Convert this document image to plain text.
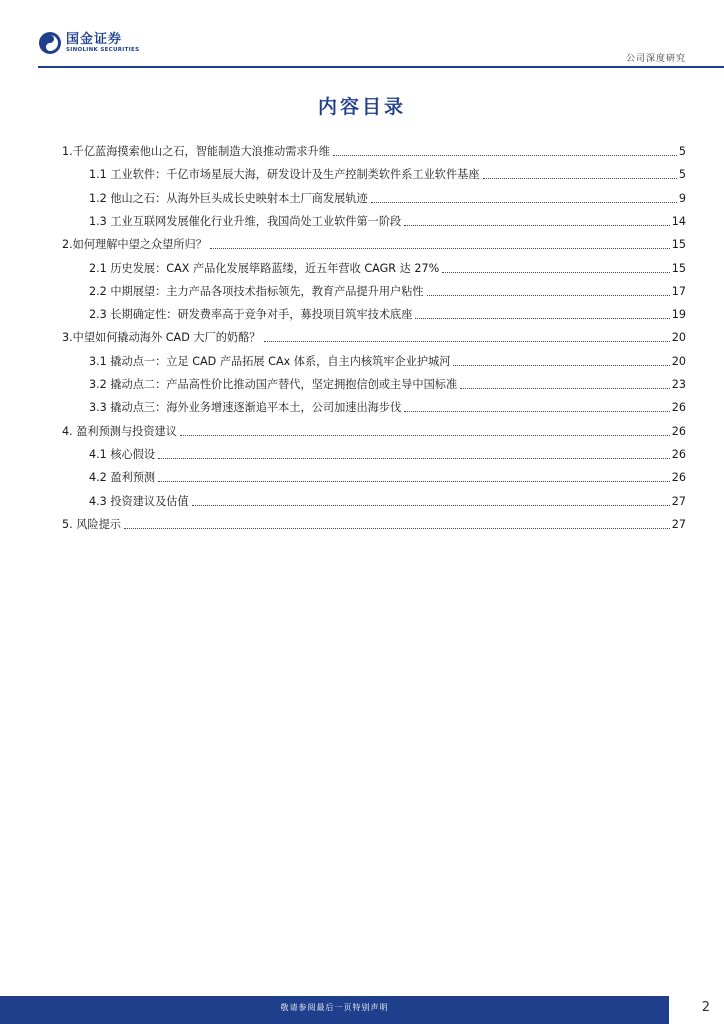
国金证券
SINOLINK SECURITIES
公司深度研究
内容目录
1.千亿蓝海摸索他山之石，智能制造大浪推动需求升维	5
1.1 工业软件：千亿市场星辰大海，研发设计及生产控制类软件系工业软件基座	5
1.2 他山之石：从海外巨头成长史映射本土厂商发展轨迹	9
1.3 工业互联网发展催化行业升维，我国尚处工业软件第一阶段	14
2.如何理解中望之众望所归？	15
2.1 历史发展：CAX 产品化发展筚路蓝缕，近五年营收 CAGR 达 27%	15
2.2 中期展望：主力产品各项技术指标领先，教育产品提升用户粘性	17
2.3 长期确定性：研发费率高于竞争对手，募投项目筑牢技术底座	19
3.中望如何撬动海外 CAD 大厂的奶酪？	20
3.1 撬动点一：立足 CAD 产品拓展 CAx 体系，自主内核筑牢企业护城河	20
3.2 撬动点二：产品高性价比推动国产替代，坚定拥抱信创或主导中国标准	23
3.3 撬动点三：海外业务增速逐渐追平本土，公司加速出海步伐	26
4. 盈利预测与投资建议	26
4.1 核心假设	26
4.2 盈利预测	26
4.3 投资建议及估值	27
5. 风险提示	27
敬请参阅最后一页特别声明	2
